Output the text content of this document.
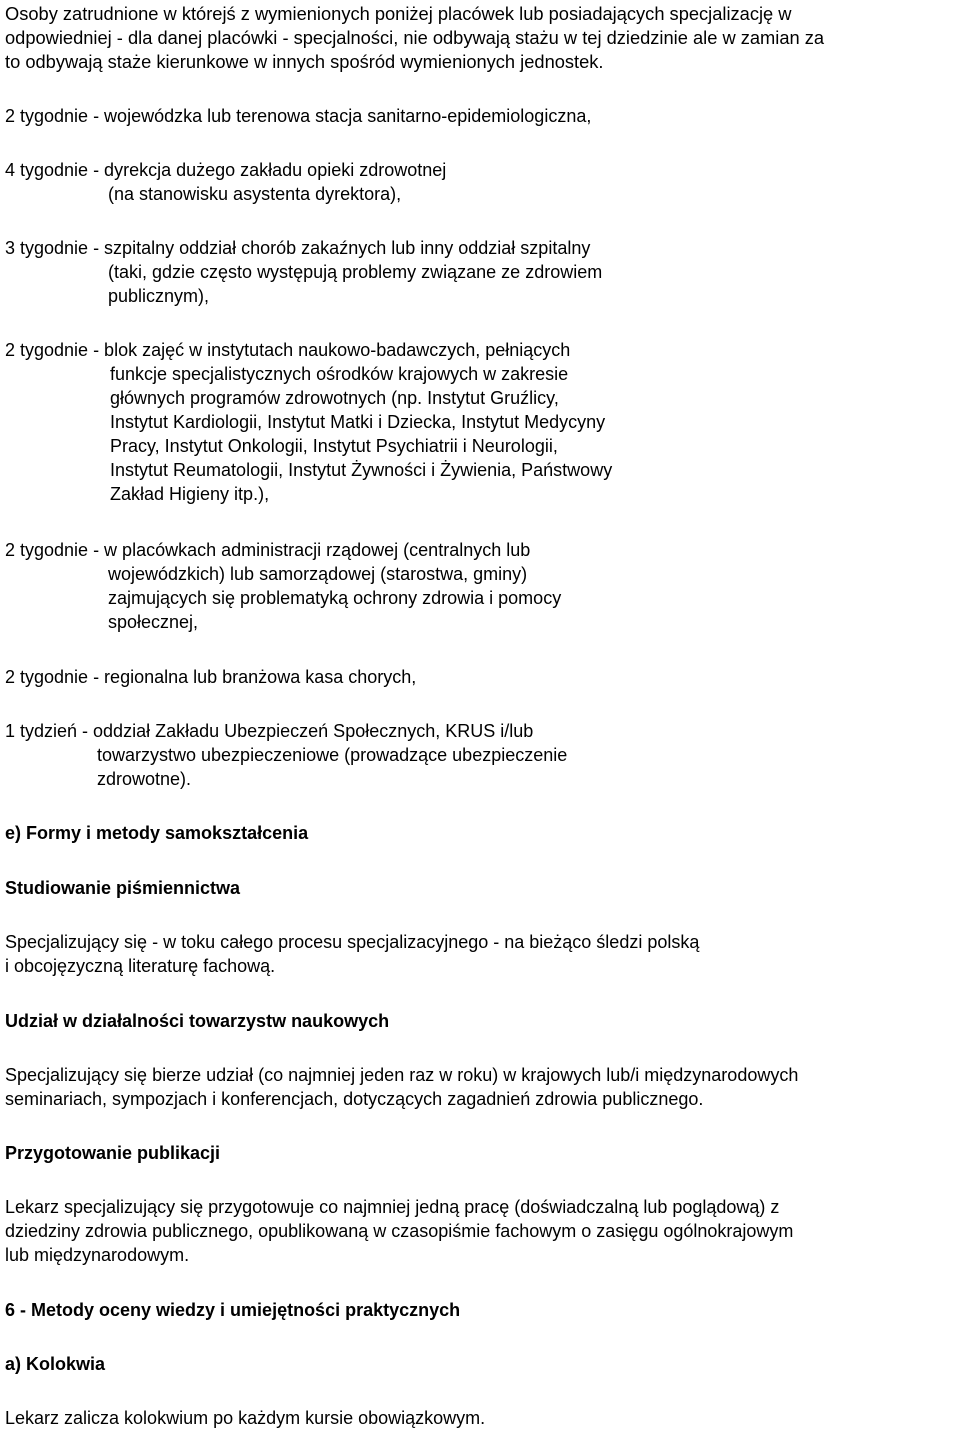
Osoby zatrudnione w którejś z wymienionych poniżej placówek lub posiadających specjalizację w
odpowiedniej - dla danej placówki - specjalności, nie odbywają stażu w tej dziedzinie ale w zamian za
to odbywają staże kierunkowe w innych spośród wymienionych jednostek.
2 tygodnie - wojewódzka lub terenowa stacja sanitarno-epidemiologiczna,
4 tygodnie - dyrekcja dużego zakładu opieki zdrowotnej
(na stanowisku asystenta dyrektora),
3 tygodnie - szpitalny oddział chorób zakaźnych lub inny oddział szpitalny
(taki, gdzie często występują problemy związane ze zdrowiem
publicznym),
2 tygodnie - blok zajęć w instytutach naukowo-badawczych, pełniących
funkcje specjalistycznych ośrodków krajowych w zakresie
głównych programów zdrowotnych (np. Instytut Gruźlicy,
Instytut Kardiologii, Instytut Matki i Dziecka, Instytut Medycyny
Pracy, Instytut Onkologii, Instytut Psychiatrii i Neurologii,
Instytut Reumatologii, Instytut Żywności i Żywienia, Państwowy
Zakład Higieny itp.),
2 tygodnie - w placówkach administracji rządowej (centralnych lub
wojewódzkich) lub samorządowej (starostwa, gminy)
zajmujących się problematyką ochrony zdrowia i pomocy
społecznej,
2 tygodnie - regionalna lub branżowa kasa chorych,
1 tydzień - oddział Zakładu Ubezpieczeń Społecznych, KRUS i/lub
towarzystwo ubezpieczeniowe (prowadzące ubezpieczenie
zdrowotne).
e) Formy i metody samokształcenia
Studiowanie piśmiennictwa
Specjalizujący się - w toku całego procesu specjalizacyjnego - na bieżąco śledzi polską
i obcojęzyczną literaturę fachową.
Udział w działalności towarzystw naukowych
Specjalizujący się bierze udział (co najmniej jeden raz w roku) w krajowych lub/i międzynarodowych
seminariach, sympozjach i konferencjach, dotyczących zagadnień zdrowia publicznego.
Przygotowanie publikacji
Lekarz specjalizujący się przygotowuje co najmniej jedną pracę (doświadczalną lub poglądową) z
dziedziny zdrowia publicznego, opublikowaną w czasopiśmie fachowym o zasięgu ogólnokrajowym
lub międzynarodowym.
6 - Metody oceny wiedzy i umiejętności praktycznych
a) Kolokwia
Lekarz zalicza kolokwium po każdym kursie obowiązkowym.
